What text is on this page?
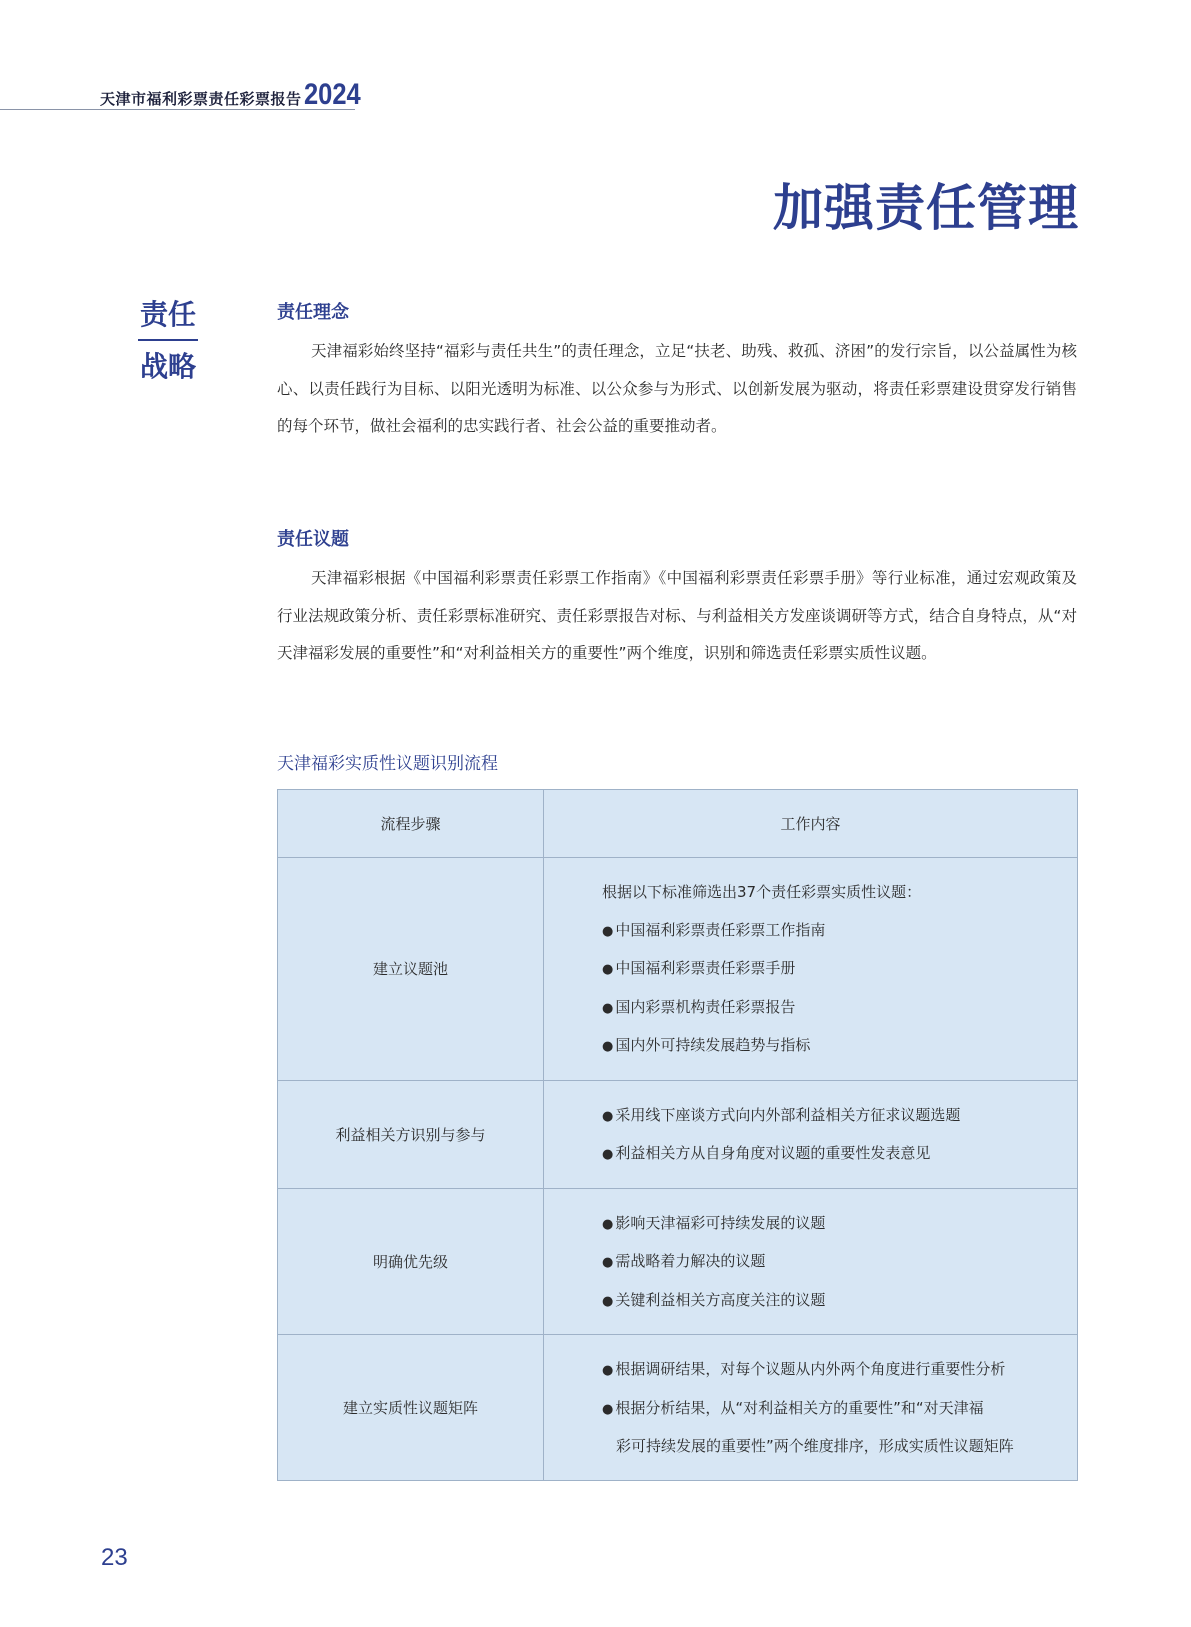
天津市福利彩票责任彩票报告 2024
加强责任管理
责任
战略
责任理念

天津福彩始终坚持“福彩与责任共生”的责任理念，立足“扶老、助残、救孤、济困”的发行宗旨，以公益属性为核心、以责任践行为目标、以阳光透明为标准、以公众参与为形式、以创新发展为驱动，将责任彩票建设贯穿发行销售的每个环节，做社会福利的忠实践行者、社会公益的重要推动者。

责任议题

天津福彩根据《中国福利彩票责任彩票工作指南》《中国福利彩票责任彩票手册》等行业标准，通过宏观政策及行业法规政策分析、责任彩票标准研究、责任彩票报告对标、与利益相关方发座谈调研等方式，结合自身特点，从“对天津福彩发展的重要性”和“对利益相关方的重要性”两个维度，识别和筛选责任彩票实质性议题。

天津福彩实质性议题识别流程
流程步骤	工作内容
建立议题池	根据以下标准筛选出37个责任彩票实质性议题：
● 中国福利彩票责任彩票工作指南
● 中国福利彩票责任彩票手册
● 国内彩票机构责任彩票报告
● 国内外可持续发展趋势与指标

利益相关方识别与参与	● 采用线下座谈方式向内外部利益相关方征求议题选题
● 利益相关方从自身角度对议题的重要性发表意见

明确优先级	● 影响天津福彩可持续发展的议题
● 需战略着力解决的议题
● 关键利益相关方高度关注的议题

建立实质性议题矩阵	● 根据调研结果，对每个议题从内外两个角度进行重要性分析
● 根据分析结果，从“对利益相关方的重要性”和“对天津福
彩可持续发展的重要性”两个维度排序，形成实质性议题矩阵
23
